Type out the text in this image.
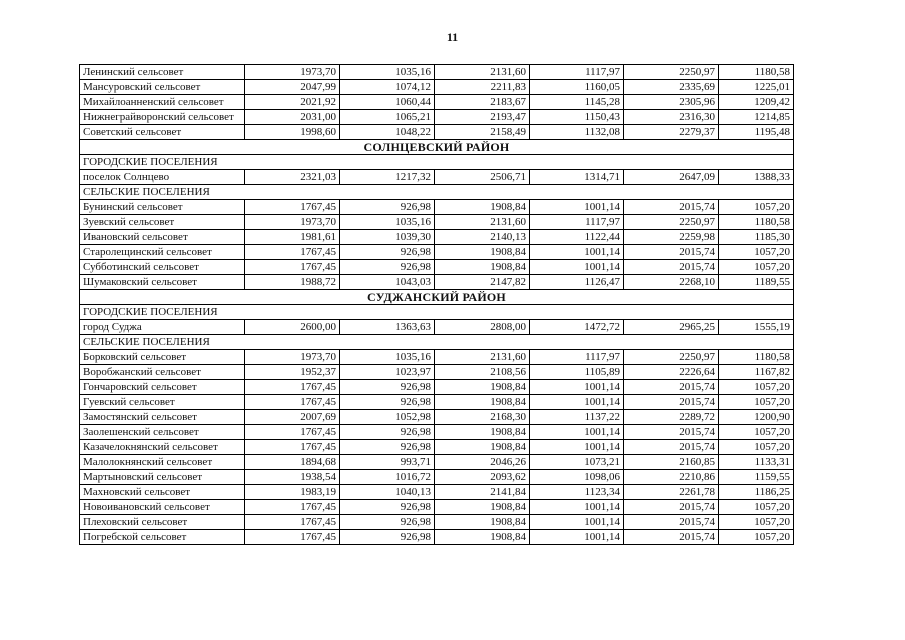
11
Ленинский сельсовет	1973,70	1035,16	2131,60	1117,97	2250,97	1180,58
Мансуровский сельсовет	2047,99	1074,12	2211,83	1160,05	2335,69	1225,01
Михайлоанненский сельсовет	2021,92	1060,44	2183,67	1145,28	2305,96	1209,42
Нижнеграйворонский сельсовет	2031,00	1065,21	2193,47	1150,43	2316,30	1214,85
Советский сельсовет	1998,60	1048,22	2158,49	1132,08	2279,37	1195,48
СОЛНЦЕВСКИЙ РАЙОН						
ГОРОДСКИЕ ПОСЕЛЕНИЯ						
поселок Солнцево	2321,03	1217,32	2506,71	1314,71	2647,09	1388,33
СЕЛЬСКИЕ ПОСЕЛЕНИЯ						
Бунинский сельсовет	1767,45	926,98	1908,84	1001,14	2015,74	1057,20
Зуевский сельсовет	1973,70	1035,16	2131,60	1117,97	2250,97	1180,58
Ивановский сельсовет	1981,61	1039,30	2140,13	1122,44	2259,98	1185,30
Старолещинский сельсовет	1767,45	926,98	1908,84	1001,14	2015,74	1057,20
Субботинский сельсовет	1767,45	926,98	1908,84	1001,14	2015,74	1057,20
Шумаковский сельсовет	1988,72	1043,03	2147,82	1126,47	2268,10	1189,55
СУДЖАНСКИЙ РАЙОН						
ГОРОДСКИЕ ПОСЕЛЕНИЯ						
город Суджа	2600,00	1363,63	2808,00	1472,72	2965,25	1555,19
СЕЛЬСКИЕ ПОСЕЛЕНИЯ						
Борковский сельсовет	1973,70	1035,16	2131,60	1117,97	2250,97	1180,58
Воробжанский сельсовет	1952,37	1023,97	2108,56	1105,89	2226,64	1167,82
Гончаровский сельсовет	1767,45	926,98	1908,84	1001,14	2015,74	1057,20
Гуевский сельсовет	1767,45	926,98	1908,84	1001,14	2015,74	1057,20
Замостянский сельсовет	2007,69	1052,98	2168,30	1137,22	2289,72	1200,90
Заолешенский сельсовет	1767,45	926,98	1908,84	1001,14	2015,74	1057,20
Казачелокнянский сельсовет	1767,45	926,98	1908,84	1001,14	2015,74	1057,20
Малолокнянский сельсовет	1894,68	993,71	2046,26	1073,21	2160,85	1133,31
Мартыновский сельсовет	1938,54	1016,72	2093,62	1098,06	2210,86	1159,55
Махновский сельсовет	1983,19	1040,13	2141,84	1123,34	2261,78	1186,25
Новоивановский сельсовет	1767,45	926,98	1908,84	1001,14	2015,74	1057,20
Плеховский сельсовет	1767,45	926,98	1908,84	1001,14	2015,74	1057,20
Погребской сельсовет	1767,45	926,98	1908,84	1001,14	2015,74	1057,20
